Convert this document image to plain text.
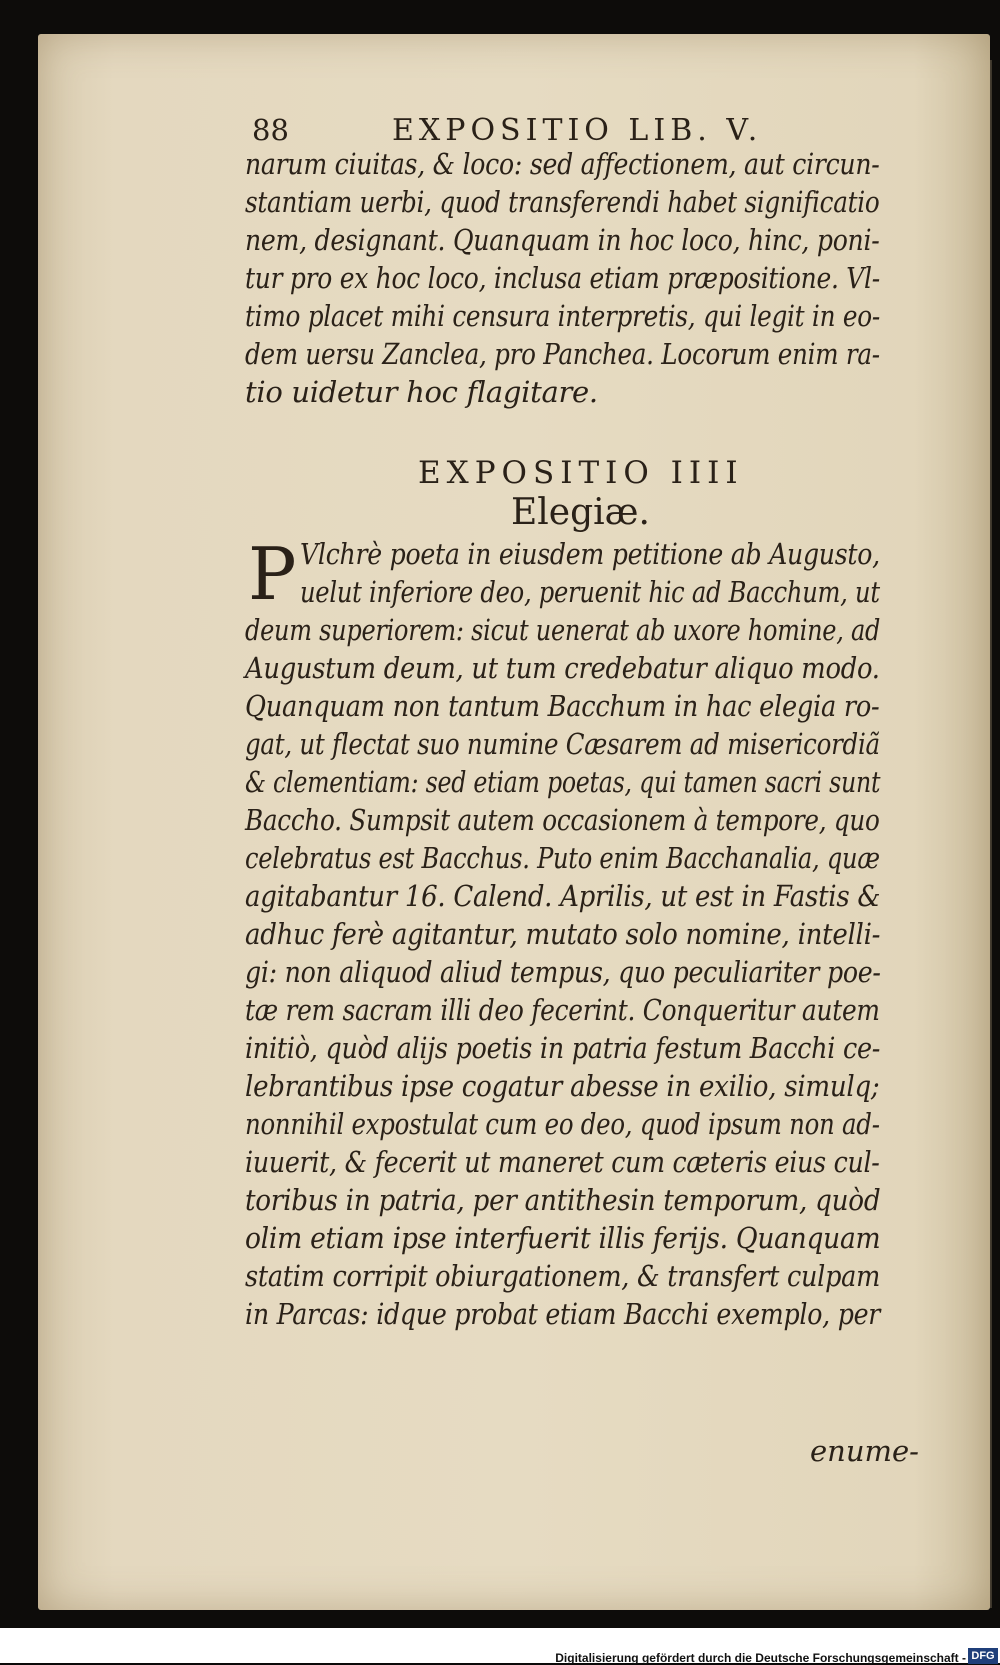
88	EXPOSITIO LIB. V.
narum ciuitas, & loco: sed affectionem, aut circun-
stantiam uerbi, quod transferendi habet significatio
nem, designant. Quanquam in hoc loco, hinc, poni-
tur pro ex hoc loco, inclusa etiam præpositione. Vl-
timo placet mihi censura interpretis, qui legit in eo-
dem uersu Zanclea, pro Panchea. Locorum enim ra-
tio uidetur hoc flagitare.
EXPOSITIO IIII
Elegiæ.
P Vlchrè poeta in eiusdem petitione ab Augusto,
uelut inferiore deo, peruenit hic ad Bacchum, ut
deum superiorem: sicut uenerat ab uxore homine, ad
Augustum deum, ut tum credebatur aliquo modo.
Quanquam non tantum Bacchum in hac elegia ro-
gat, ut flectat suo numine Cæsarem ad misericordiã
& clementiam: sed etiam poetas, qui tamen sacri sunt
Baccho. Sumpsit autem occasionem à tempore, quo
celebratus est Bacchus. Puto enim Bacchanalia, quæ
agitabantur 16. Calend. Aprilis, ut est in Fastis &
adhuc ferè agitantur, mutato solo nomine, intelli-
gi: non aliquod aliud tempus, quo peculiariter poe-
tæ rem sacram illi deo fecerint. Conqueritur autem
initiò, quòd alijs poetis in patria festum Bacchi ce-
lebrantibus ipse cogatur abesse in exilio, simulq;
nonnihil expostulat cum eo deo, quod ipsum non ad-
iuuerit, & fecerit ut maneret cum cæteris eius cul-
toribus in patria, per antithesin temporum, quòd
olim etiam ipse interfuerit illis ferijs. Quanquam
statim corripit obiurgationem, & transfert culpam
in Parcas: idque probat etiam Bacchi exemplo, per
enume-
Digitalisierung gefördert durch die Deutsche Forschungsgemeinschaft - DFG
